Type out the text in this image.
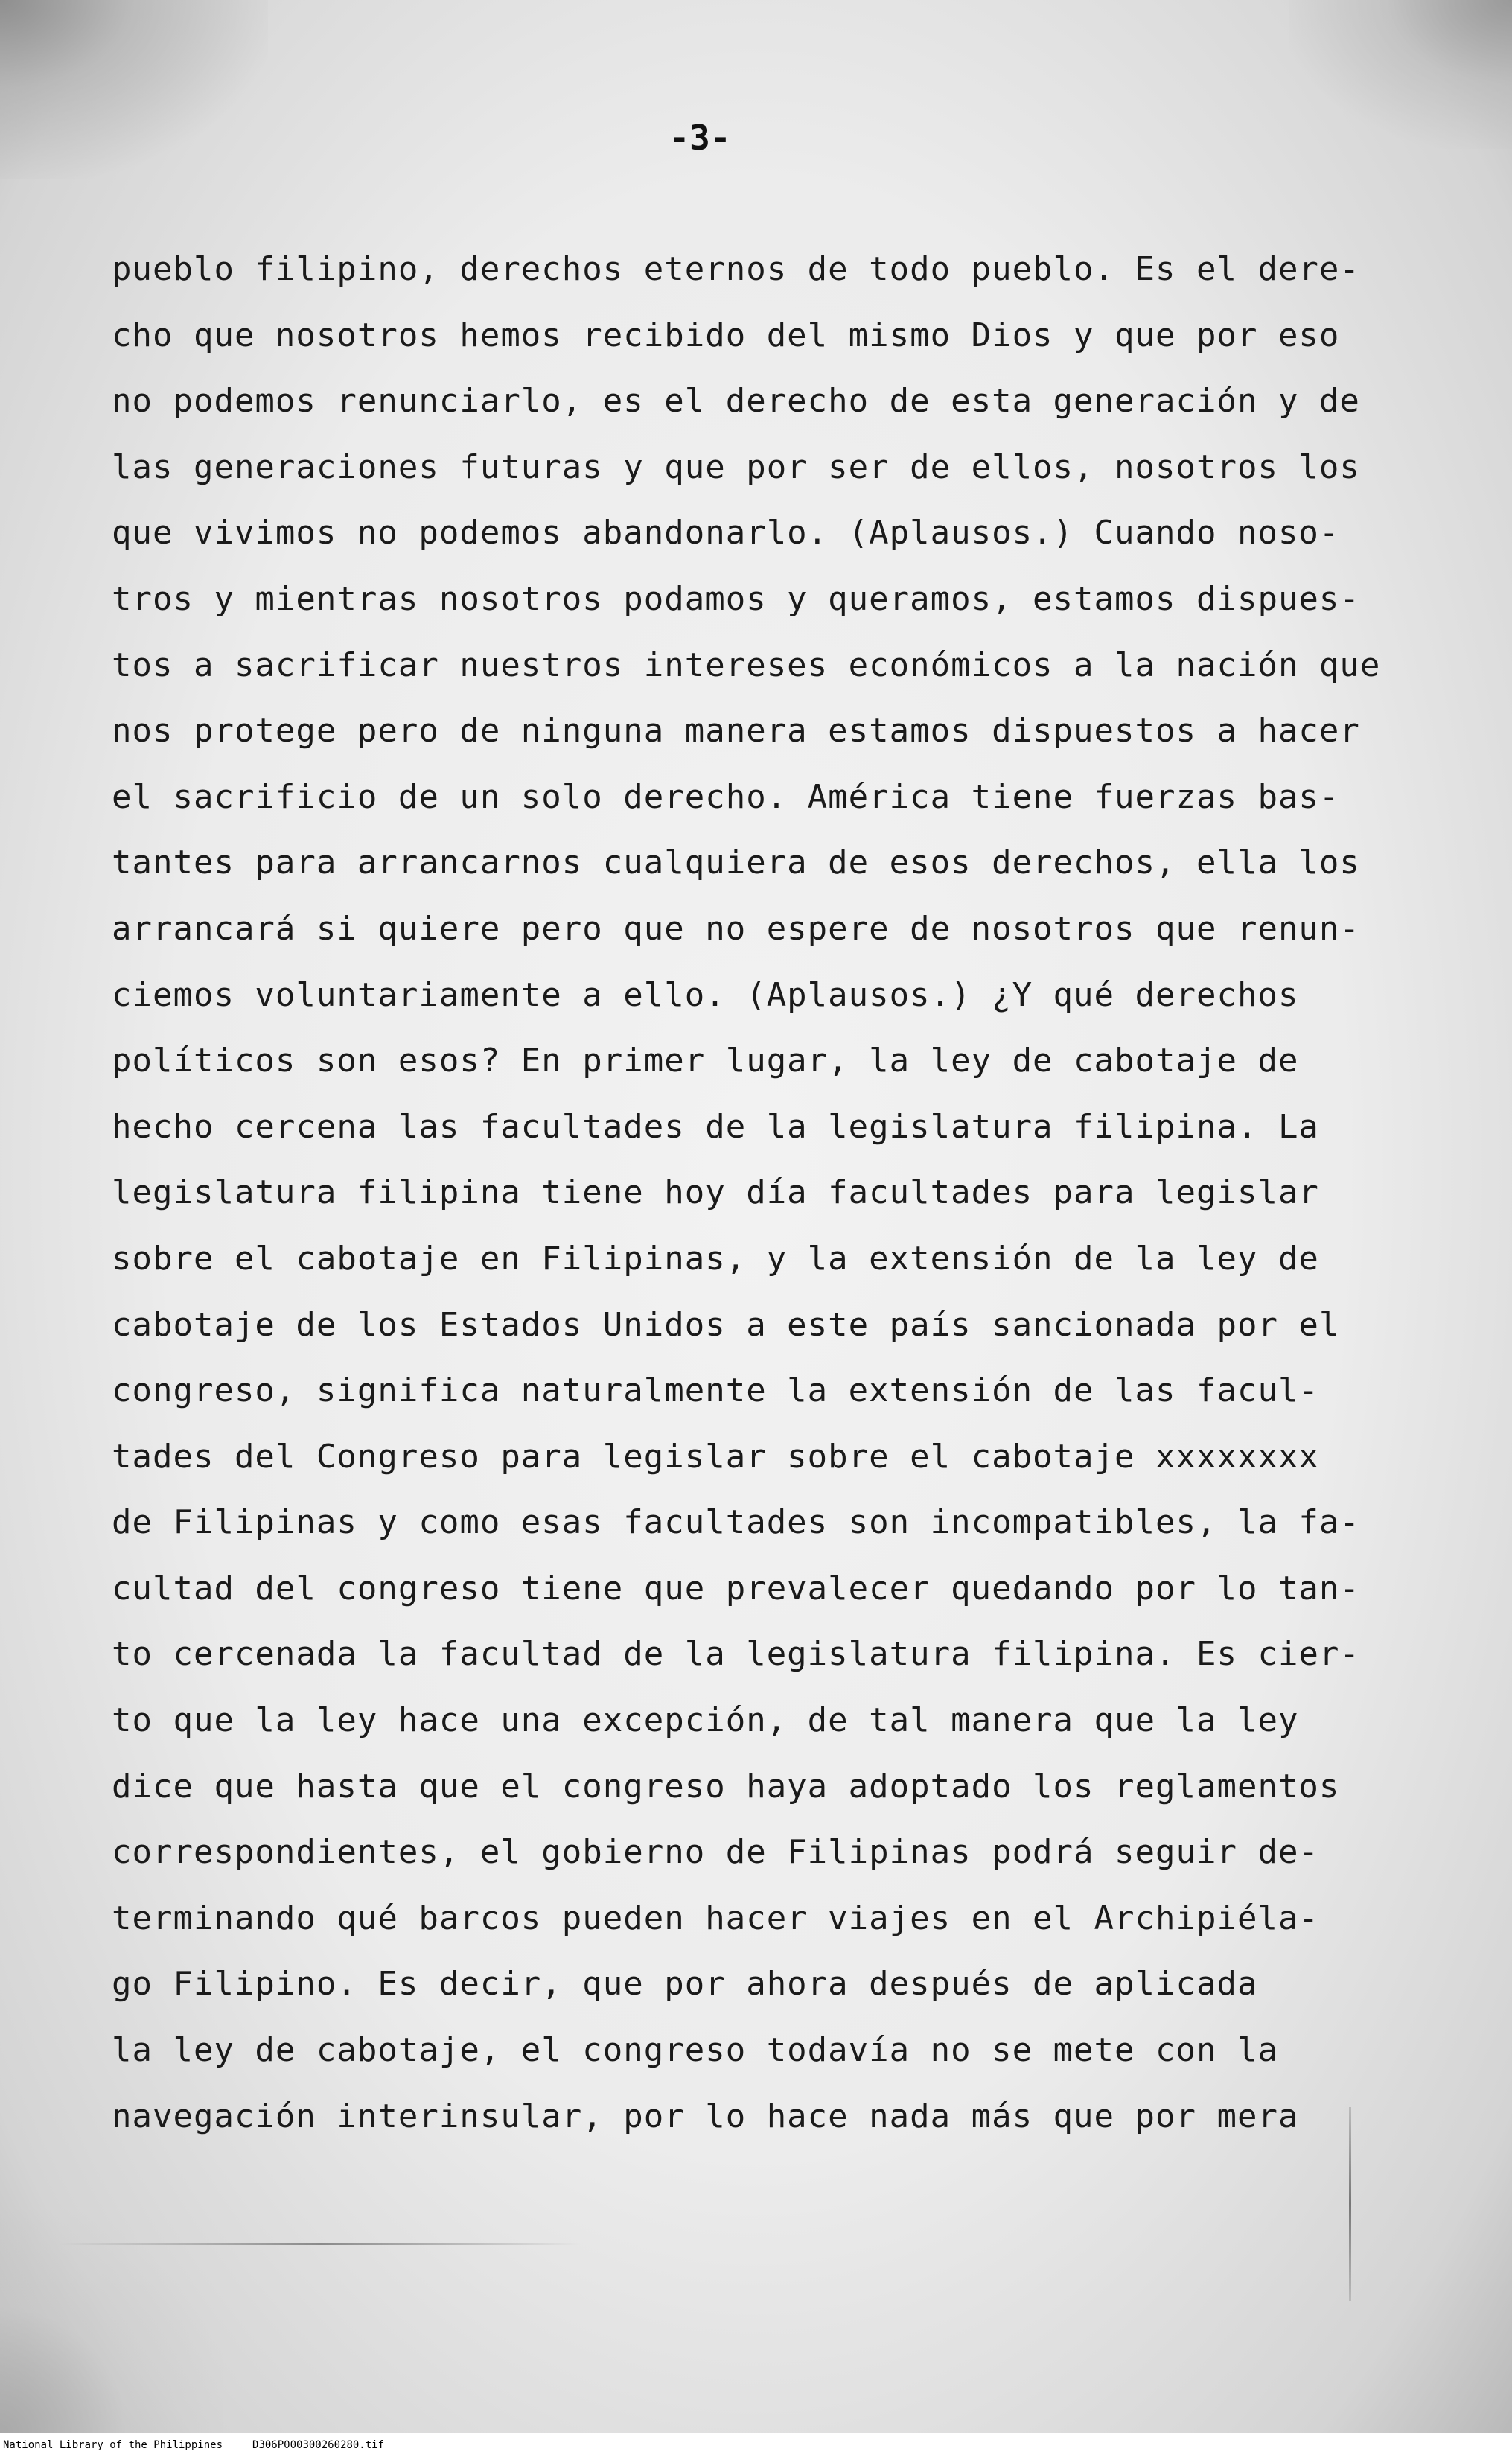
-3-
pueblo filipino, derechos eternos de todo pueblo. Es el dere-
cho que nosotros hemos recibido del mismo Dios y que por eso
no podemos renunciarlo, es el derecho de esta generación y de
las generaciones futuras y que por ser de ellos, nosotros los
que vivimos no podemos abandonarlo. (Aplausos.) Cuando noso-
tros y mientras nosotros podamos y queramos, estamos dispues-
tos a sacrificar nuestros intereses económicos a la nación que
nos protege pero de ninguna manera estamos dispuestos a hacer
el sacrificio de un solo derecho. América tiene fuerzas bas-
tantes para arrancarnos cualquiera de esos derechos, ella los
arrancará si quiere pero que no espere de nosotros que renun-
ciemos voluntariamente a ello. (Aplausos.) ¿Y qué derechos
políticos son esos? En primer lugar, la ley de cabotaje de
hecho cercena las facultades de la legislatura filipina. La
legislatura filipina tiene hoy día facultades para legislar
sobre el cabotaje en Filipinas, y la extensión de la ley de
cabotaje de los Estados Unidos a este país sancionada por el
congreso, significa naturalmente la extensión de las facul-
tades del Congreso para legislar sobre el cabotaje xxxxxxxx
de Filipinas y como esas facultades son incompatibles, la fa-
cultad del congreso tiene que prevalecer quedando por lo tan-
to cercenada la facultad de la legislatura filipina. Es cier-
to que la ley hace una excepción, de tal manera que la ley
dice que hasta que el congreso haya adoptado los reglamentos
correspondientes, el gobierno de Filipinas podrá seguir de-
terminando qué barcos pueden hacer viajes en el Archipiéla-
go Filipino. Es decir, que por ahora después de aplicada
la ley de cabotaje, el congreso todavía no se mete con la
navegación interinsular, por lo hace nada más que por mera
National Library of the Philippines	D306P000300260280.tif
